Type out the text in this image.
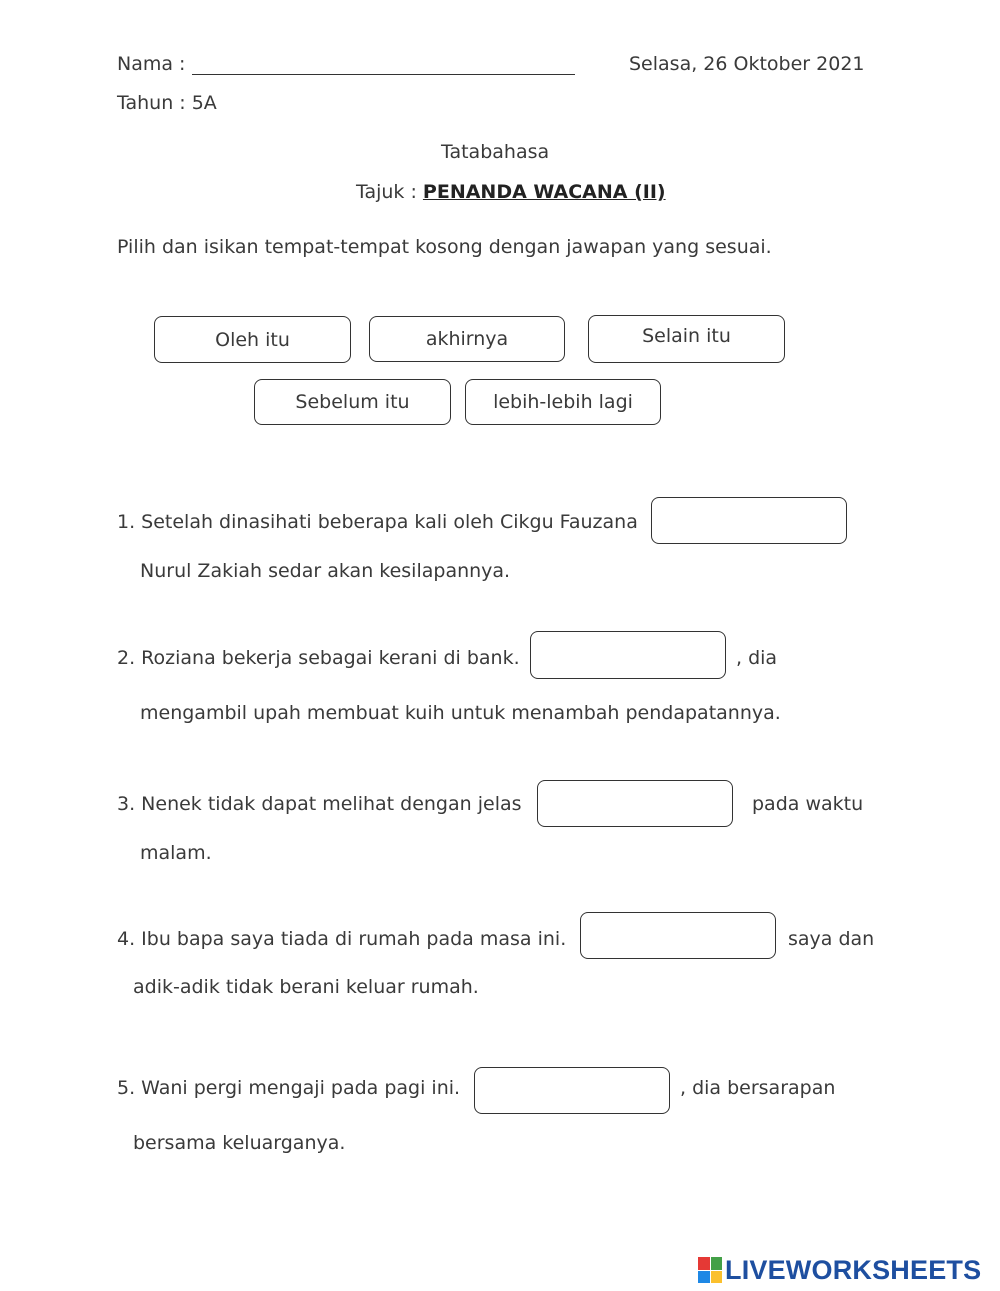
Nama :	Selasa, 26 Oktober 2021
Tahun : 5A
Tatabahasa
Tajuk : PENANDA WACANA (II)
Pilih dan isikan tempat-tempat kosong dengan jawapan yang sesuai.
Oleh itu	akhirnya	Selain itu
Sebelum itu	lebih-lebih lagi
1. Setelah dinasihati beberapa kali oleh Cikgu Fauzana
Nurul Zakiah sedar akan kesilapannya.
2. Roziana bekerja sebagai kerani di bank.	, dia
mengambil upah membuat kuih untuk menambah pendapatannya.
3. Nenek tidak dapat melihat dengan jelas	pada waktu
malam.
4. Ibu bapa saya tiada di rumah pada masa ini.	saya dan
adik-adik tidak berani keluar rumah.
5. Wani pergi mengaji pada pagi ini.	, dia bersarapan
bersama keluarganya.
LIVEWORKSHEETS
